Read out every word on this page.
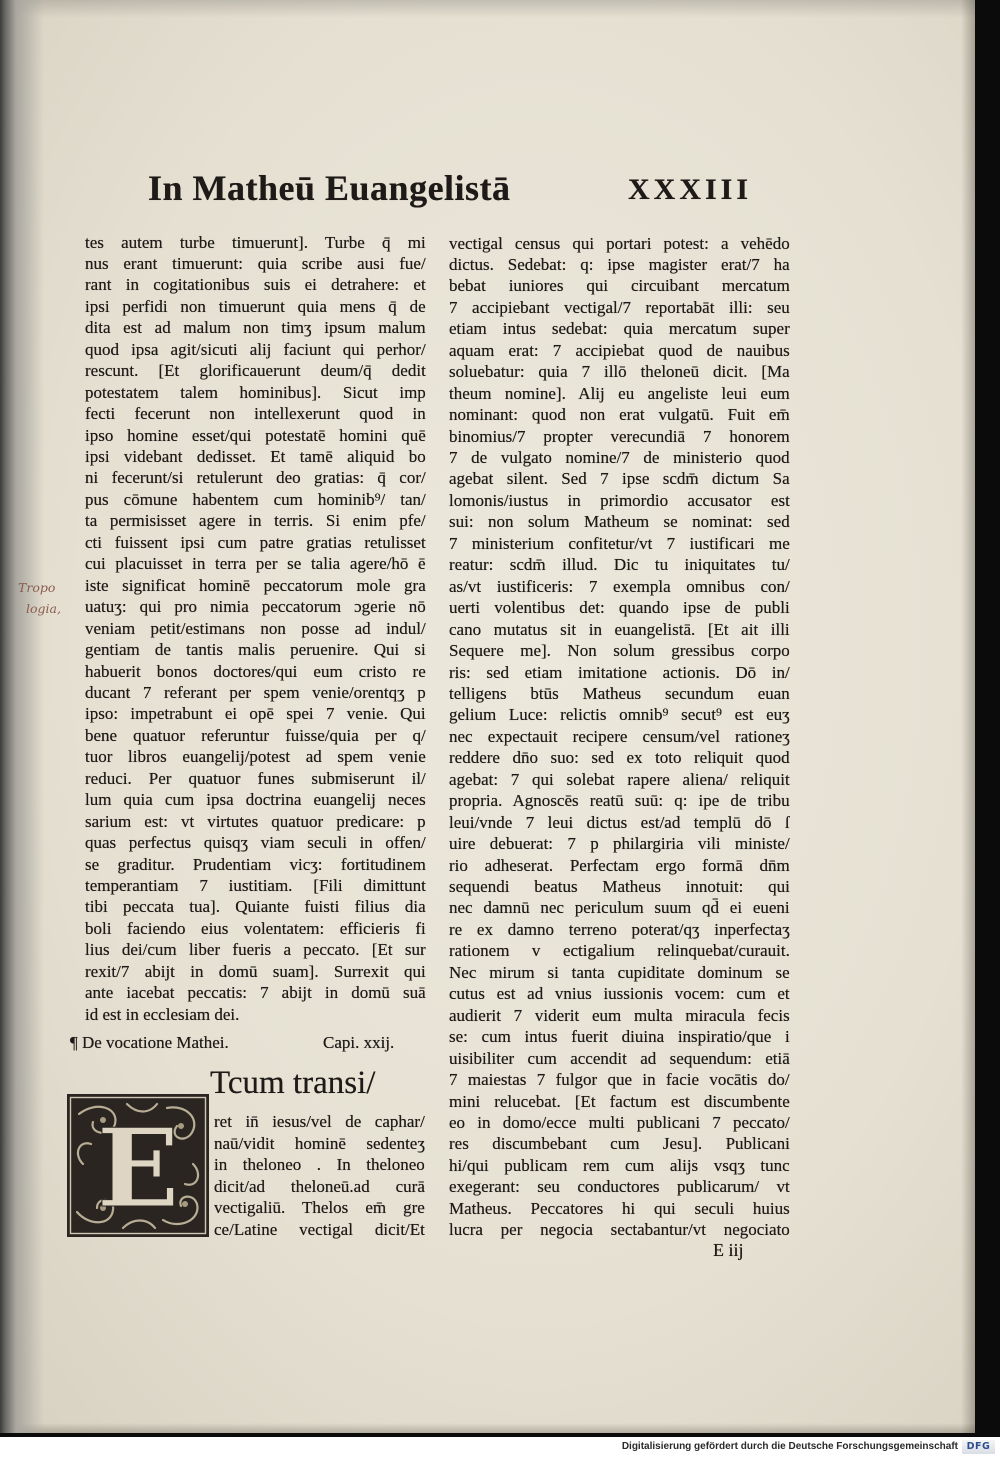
In Matheū Euangelistā	XXXIII
tes autem turbe timuerunt]. Turbe q̄ mi
nus erant timuerunt: quia scribe ausi fue/
rant in cogitationibus suis ei detrahere: et
ipsi perfidi non timuerunt quia mens q̄ de
dita est ad malum non timʒ ipsum malum
quod ipsa agit/sicuti alij faciunt qui perhor/
rescunt. [Et glorificauerunt deum/q̄ dedit
potestatem talem hominibus]. Sicut imp
fecti fecerunt non intellexerunt quod in
ipso homine esset/qui potestatē homini quē
ipsi videbant dedisset. Et tamē aliquid bo
ni fecerunt/si retulerunt deo gratias: q̄ cor/
pus cōmune habentem cum hominib⁹/ tan/
ta permisisset agere in terris. Si enim pfe/
cti fuissent ipsi cum patre gratias retulisset
cui placuisset in terra per se talia agere/hō ē
iste significat hominē peccatorum mole gra
uatuʒ: qui pro nimia peccatorum ɔgerie nō
veniam petit/estimans non posse ad indul/
gentiam de tantis malis peruenire. Qui si
habuerit bonos doctores/qui eum cristo re
ducant 7 referant per spem venie/orentqʒ p
ipso: impetrabunt ei opē spei 7 venie. Qui
bene quatuor referuntur fuisse/quia per q/
tuor libros euangelij/potest ad spem venie
reduci. Per quatuor funes submiserunt il/
lum quia cum ipsa doctrina euangelij neces
sarium est: vt virtutes quatuor predicare: p
quas perfectus quisqʒ viam seculi in offen/
se graditur. Prudentiam vicʒ: fortitudinem
temperantiam 7 iustitiam. [Fili dimittunt
tibi peccata tua]. Quiante fuisti filius dia
boli faciendo eius volentatem: efficieris fi
lius dei/cum liber fueris a peccato. [Et sur
rexit/7 abijt in domū suam]. Surrexit qui
ante iacebat peccatis: 7 abijt in domū suā
id est in ecclesiam dei.
Tropo
logia,
¶ De vocatione Mathei.	Capi. xxij.
Tcum transi/
E ret in̄ iesus/vel de caphar/
naū/vidit hominē sedenteʒ
in theloneo . In theloneo
dicit/ad theloneū.ad curā
vectigaliū. Thelos em̄ gre
ce/Latine vectigal dicit/Et
vectigal census qui portari potest: a vehēdo
dictus. Sedebat: q: ipse magister erat/7 ha
bebat iuniores qui circuibant mercatum
7 accipiebant vectigal/7 reportabāt illi: seu
etiam intus sedebat: quia mercatum super
aquam erat: 7 accipiebat quod de nauibus
soluebatur: quia 7 illō theloneū dicit. [Ma
theum nomine]. Alij eu angeliste leui eum
nominant: quod non erat vulgatū. Fuit em̄
binomius/7 propter verecundiā 7 honorem
7 de vulgato nomine/7 de ministerio quod
agebat silent. Sed 7 ipse scdm̄ dictum Sa
lomonis/iustus in primordio accusator est
sui: non solum Matheum se nominat: sed
7 ministerium confitetur/vt 7 iustificari me
reatur: scdm̄ illud. Dic tu iniquitates tu/
as/vt iustificeris: 7 exempla omnibus con/
uerti volentibus det: quando ipse de publi
cano mutatus sit in euangelistā. [Et ait illi
Sequere me]. Non solum gressibus corpo
ris: sed etiam imitatione actionis. Dō in/
telligens btūs Matheus secundum euan
gelium Luce: relictis omnib⁹ secut⁹ est euʒ
nec expectauit recipere censum/vel rationeʒ
reddere dn̄o suo: sed ex toto reliquit quod
agebat: 7 qui solebat rapere aliena/ reliquit
propria. Agnoscēs reatū suū: q: ipe de tribu
leui/vnde 7 leui dictus est/ad templū dō ſ
uire debuerat: 7 p philargiria vili ministe/
rio adheserat. Perfectam ergo formā dn̄m
sequendi beatus Matheus innotuit: qui
nec damnū nec periculum suum qd̄ ei eueni
re ex damno terreno poterat/qʒ inperfectaʒ
rationem v ectigalium relinquebat/curauit.
Nec mirum si tanta cupiditate dominum se
cutus est ad vnius iussionis vocem: cum et
audierit 7 viderit eum multa miracula fecis
se: cum intus fuerit diuina inspiratio/que i
uisibiliter cum accendit ad sequendum: etiā
7 maiestas 7 fulgor que in facie vocātis do/
mini relucebat. [Et factum est discumbente
eo in domo/ecce multi publicani 7 peccato/
res discumbebant cum Jesu]. Publicani
hi/qui publicam rem cum alijs vsqʒ tunc
exegerant: seu conductores publicarum/ vt
Matheus. Peccatores hi qui seculi huius
lucra per negocia sectabantur/vt negociato
E iij
Digitalisierung gefördert durch die Deutsche Forschungsgemeinschaft DFG
